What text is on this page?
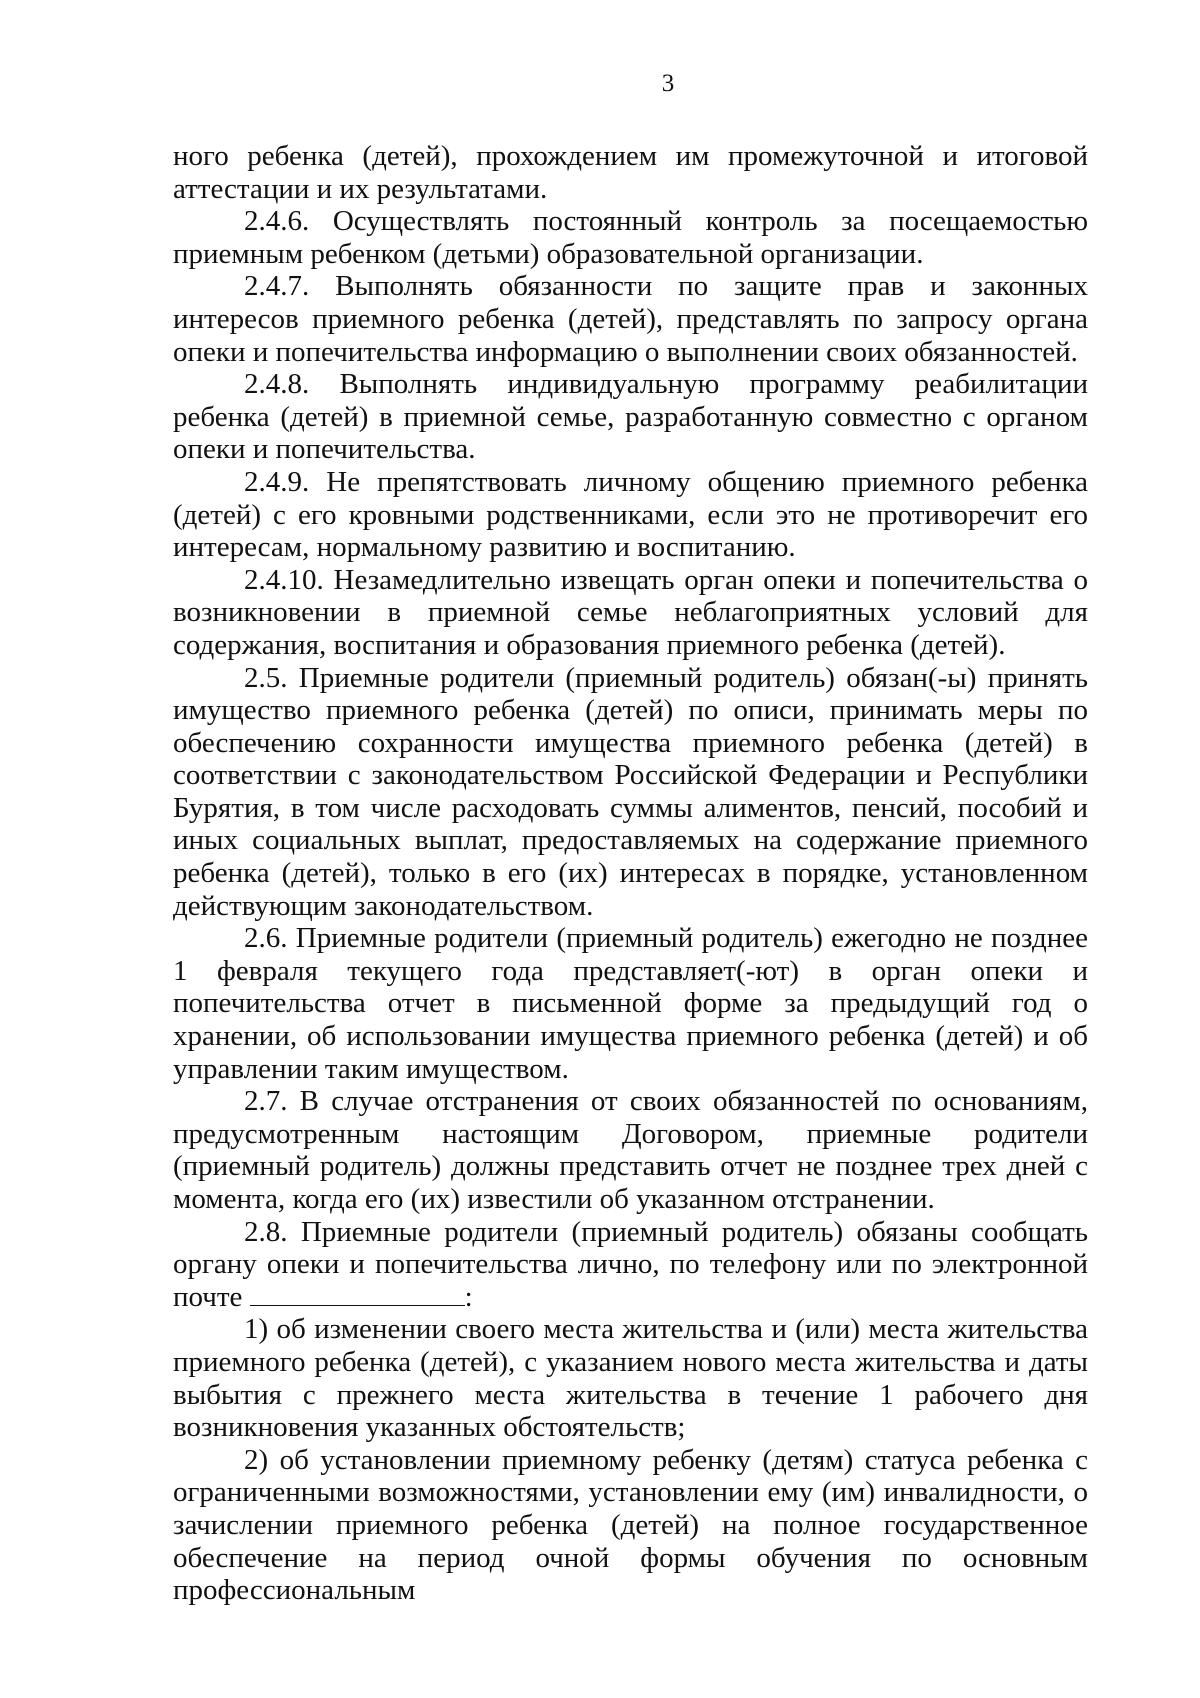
3

ного ребенка (детей), прохождением им промежуточной и итоговой аттестации и их результатами.

2.4.6. Осуществлять постоянный контроль за посещаемостью приемным ребенком (детьми) образовательной организации.

2.4.7. Выполнять обязанности по защите прав и законных интересов приемного ребенка (детей), представлять по запросу органа опеки и попечительства информацию о выполнении своих обязанностей.

2.4.8. Выполнять индивидуальную программу реабилитации ребенка (детей) в приемной семье, разработанную совместно с органом опеки и попечительства.

2.4.9. Не препятствовать личному общению приемного ребенка (детей) с его кровными родственниками, если это не противоречит его интересам, нормальному развитию и воспитанию.

2.4.10. Незамедлительно извещать орган опеки и попечительства о возникновении в приемной семье неблагоприятных условий для содержания, воспитания и образования приемного ребенка (детей).

2.5. Приемные родители (приемный родитель) обязан(-ы) принять имущество приемного ребенка (детей) по описи, принимать меры по обеспечению сохранности имущества приемного ребенка (детей) в соответствии с законодательством Российской Федерации и Республики Бурятия, в том числе расходовать суммы алиментов, пенсий, пособий и иных социальных выплат, предоставляемых на содержание приемного ребенка (детей), только в его (их) интересах в порядке, установленном действующим законодательством.

2.6. Приемные родители (приемный родитель) ежегодно не позднее 1 февраля текущего года представляет(-ют) в орган опеки и попечительства отчет в письменной форме за предыдущий год о хранении, об использовании имущества приемного ребенка (детей) и об управлении таким имуществом.

2.7. В случае отстранения от своих обязанностей по основаниям, предусмотренным настоящим Договором, приемные родители (приемный родитель) должны представить отчет не позднее трех дней с момента, когда его (их) известили об указанном отстранении.

2.8. Приемные родители (приемный родитель) обязаны сообщать органу опеки и попечительства лично, по телефону или по электронной почте	:

1) об изменении своего места жительства и (или) места жительства приемного ребенка (детей), с указанием нового места жительства и даты выбытия с прежнего места жительства в течение 1 рабочего дня возникновения указанных обстоятельств;

2) об установлении приемному ребенку (детям) статуса ребенка с ограниченными возможностями, установлении ему (им) инвалидности, о зачислении приемного ребенка (детей) на полное государственное обеспечение на период очной формы обучения по основным профессиональным
